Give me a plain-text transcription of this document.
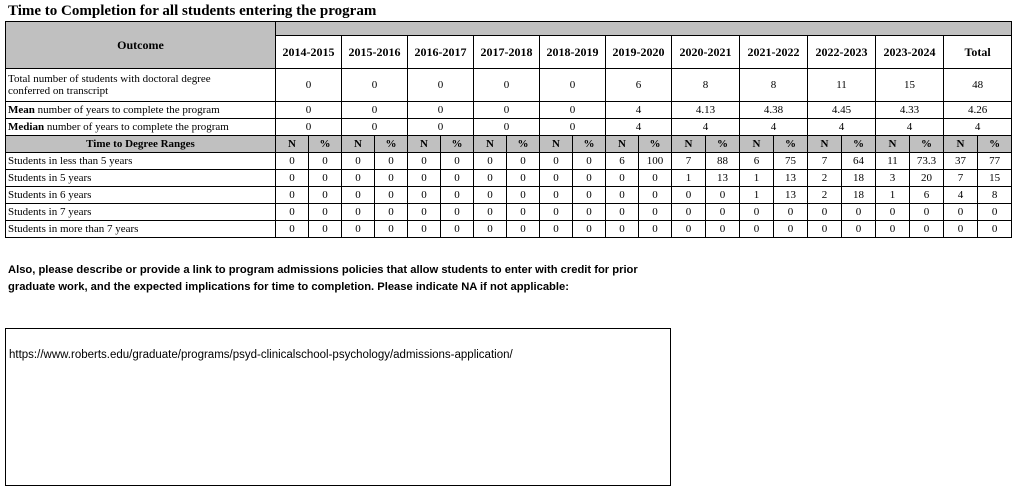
Time to Completion for all students entering the program
Outcome																						
	2014-2015		2015-2016		2016-2017		2017-2018		2018-2019		2019-2020		2020-2021		2021-2022		2022-2023		2023-2024		Total	
Total number of students with doctoral degree
conferred on transcript	0		0		0		0		0		6		8		8		11		15		48	
Mean number of years to complete the program	0		0		0		0		0		4		4.13		4.38		4.45		4.33		4.26	
Median number of years to complete the program	0		0		0		0		0		4		4		4		4		4		4	
Time to Degree Ranges	N	%	N	%	N	%	N	%	N	%	N	%	N	%	N	%	N	%	N	%	N	%
Students in less than 5 years	0	0	0	0	0	0	0	0	0	0	6	100	7	88	6	75	7	64	11	73.3	37	77
Students in 5 years	0	0	0	0	0	0	0	0	0	0	0	0	1	13	1	13	2	18	3	20	7	15
Students in 6 years	0	0	0	0	0	0	0	0	0	0	0	0	0	0	1	13	2	18	1	6	4	8
Students in 7 years	0	0	0	0	0	0	0	0	0	0	0	0	0	0	0	0	0	0	0	0	0	0
Students in more than 7 years	0	0	0	0	0	0	0	0	0	0	0	0	0	0	0	0	0	0	0	0	0	0
Also, please describe or provide a link to program admissions policies that allow students to enter with credit for prior graduate work, and the expected implications for time to completion. Please indicate NA if not applicable:
https://www.roberts.edu/graduate/programs/psyd-clinicalschool-psychology/admissions-application/
